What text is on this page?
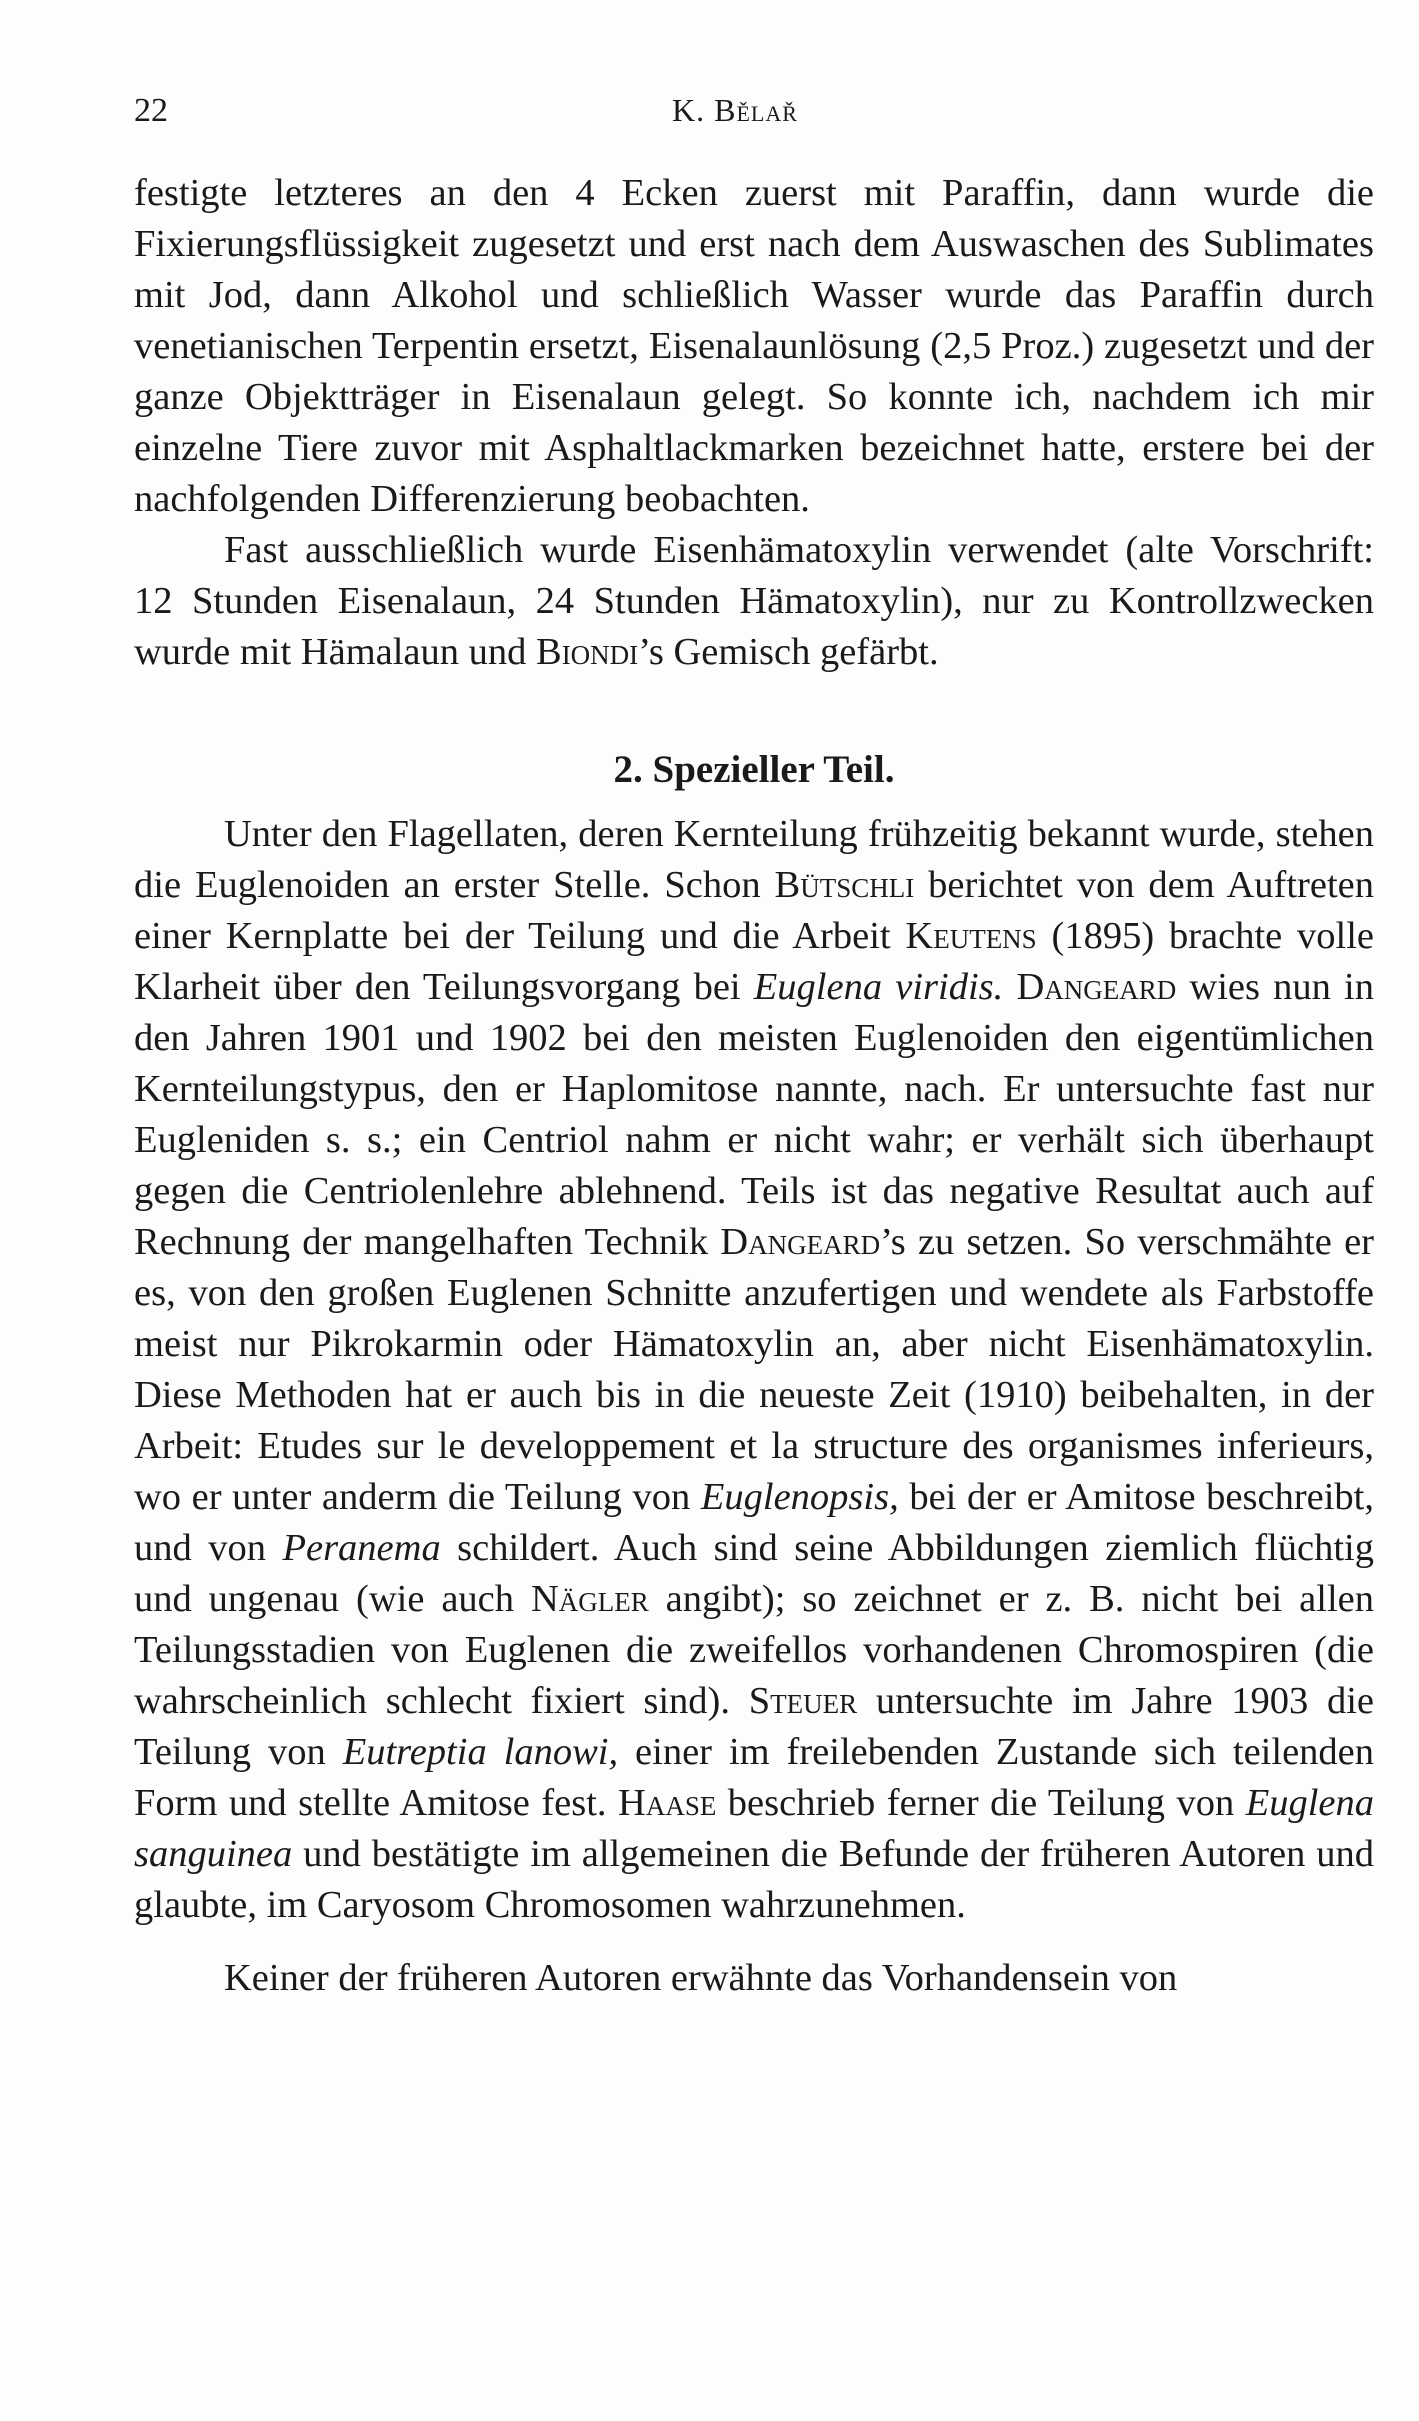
22	K. Bělař

festigte letzteres an den 4 Ecken zuerst mit Paraffin, dann wurde die Fixierungsflüssigkeit zugesetzt und erst nach dem Auswaschen des Sublimates mit Jod, dann Alkohol und schließlich Wasser wurde das Paraffin durch venetianischen Terpentin ersetzt, Eisenalaunlösung (2,5 Proz.) zugesetzt und der ganze Objektträger in Eisenalaun gelegt. So konnte ich, nachdem ich mir einzelne Tiere zuvor mit Asphaltlackmarken bezeichnet hatte, erstere bei der nachfolgenden Differenzierung beobachten.

Fast ausschließlich wurde Eisenhämatoxylin verwendet (alte Vorschrift: 12 Stunden Eisenalaun, 24 Stunden Hämatoxylin), nur zu Kontrollzwecken wurde mit Hämalaun und Biondi’s Gemisch gefärbt.

2. Spezieller Teil.

Unter den Flagellaten, deren Kernteilung frühzeitig bekannt wurde, stehen die Euglenoiden an erster Stelle. Schon Bütschli berichtet von dem Auftreten einer Kernplatte bei der Teilung und die Arbeit Keutens (1895) brachte volle Klarheit über den Teilungsvorgang bei Euglena viridis. Dangeard wies nun in den Jahren 1901 und 1902 bei den meisten Euglenoiden den eigentümlichen Kernteilungstypus, den er Haplomitose nannte, nach. Er untersuchte fast nur Eugleniden s. s.; ein Centriol nahm er nicht wahr; er verhält sich überhaupt gegen die Centriolenlehre ablehnend. Teils ist das negative Resultat auch auf Rechnung der mangelhaften Technik Dangeard’s zu setzen. So verschmähte er es, von den großen Euglenen Schnitte anzufertigen und wendete als Farbstoffe meist nur Pikrokarmin oder Hämatoxylin an, aber nicht Eisenhämatoxylin. Diese Methoden hat er auch bis in die neueste Zeit (1910) beibehalten, in der Arbeit: Etudes sur le developpement et la structure des organismes inferieurs, wo er unter anderm die Teilung von Euglenopsis, bei der er Amitose beschreibt, und von Peranema schildert. Auch sind seine Abbildungen ziemlich flüchtig und ungenau (wie auch Nägler angibt); so zeichnet er z. B. nicht bei allen Teilungsstadien von Euglenen die zweifellos vorhandenen Chromospiren (die wahrscheinlich schlecht fixiert sind). Steuer untersuchte im Jahre 1903 die Teilung von Eutreptia lanowi, einer im freilebenden Zustande sich teilenden Form und stellte Amitose fest. Haase beschrieb ferner die Teilung von Euglena sanguinea und bestätigte im allgemeinen die Befunde der früheren Autoren und glaubte, im Caryosom Chromosomen wahrzunehmen.

Keiner der früheren Autoren erwähnte das Vorhandensein von
